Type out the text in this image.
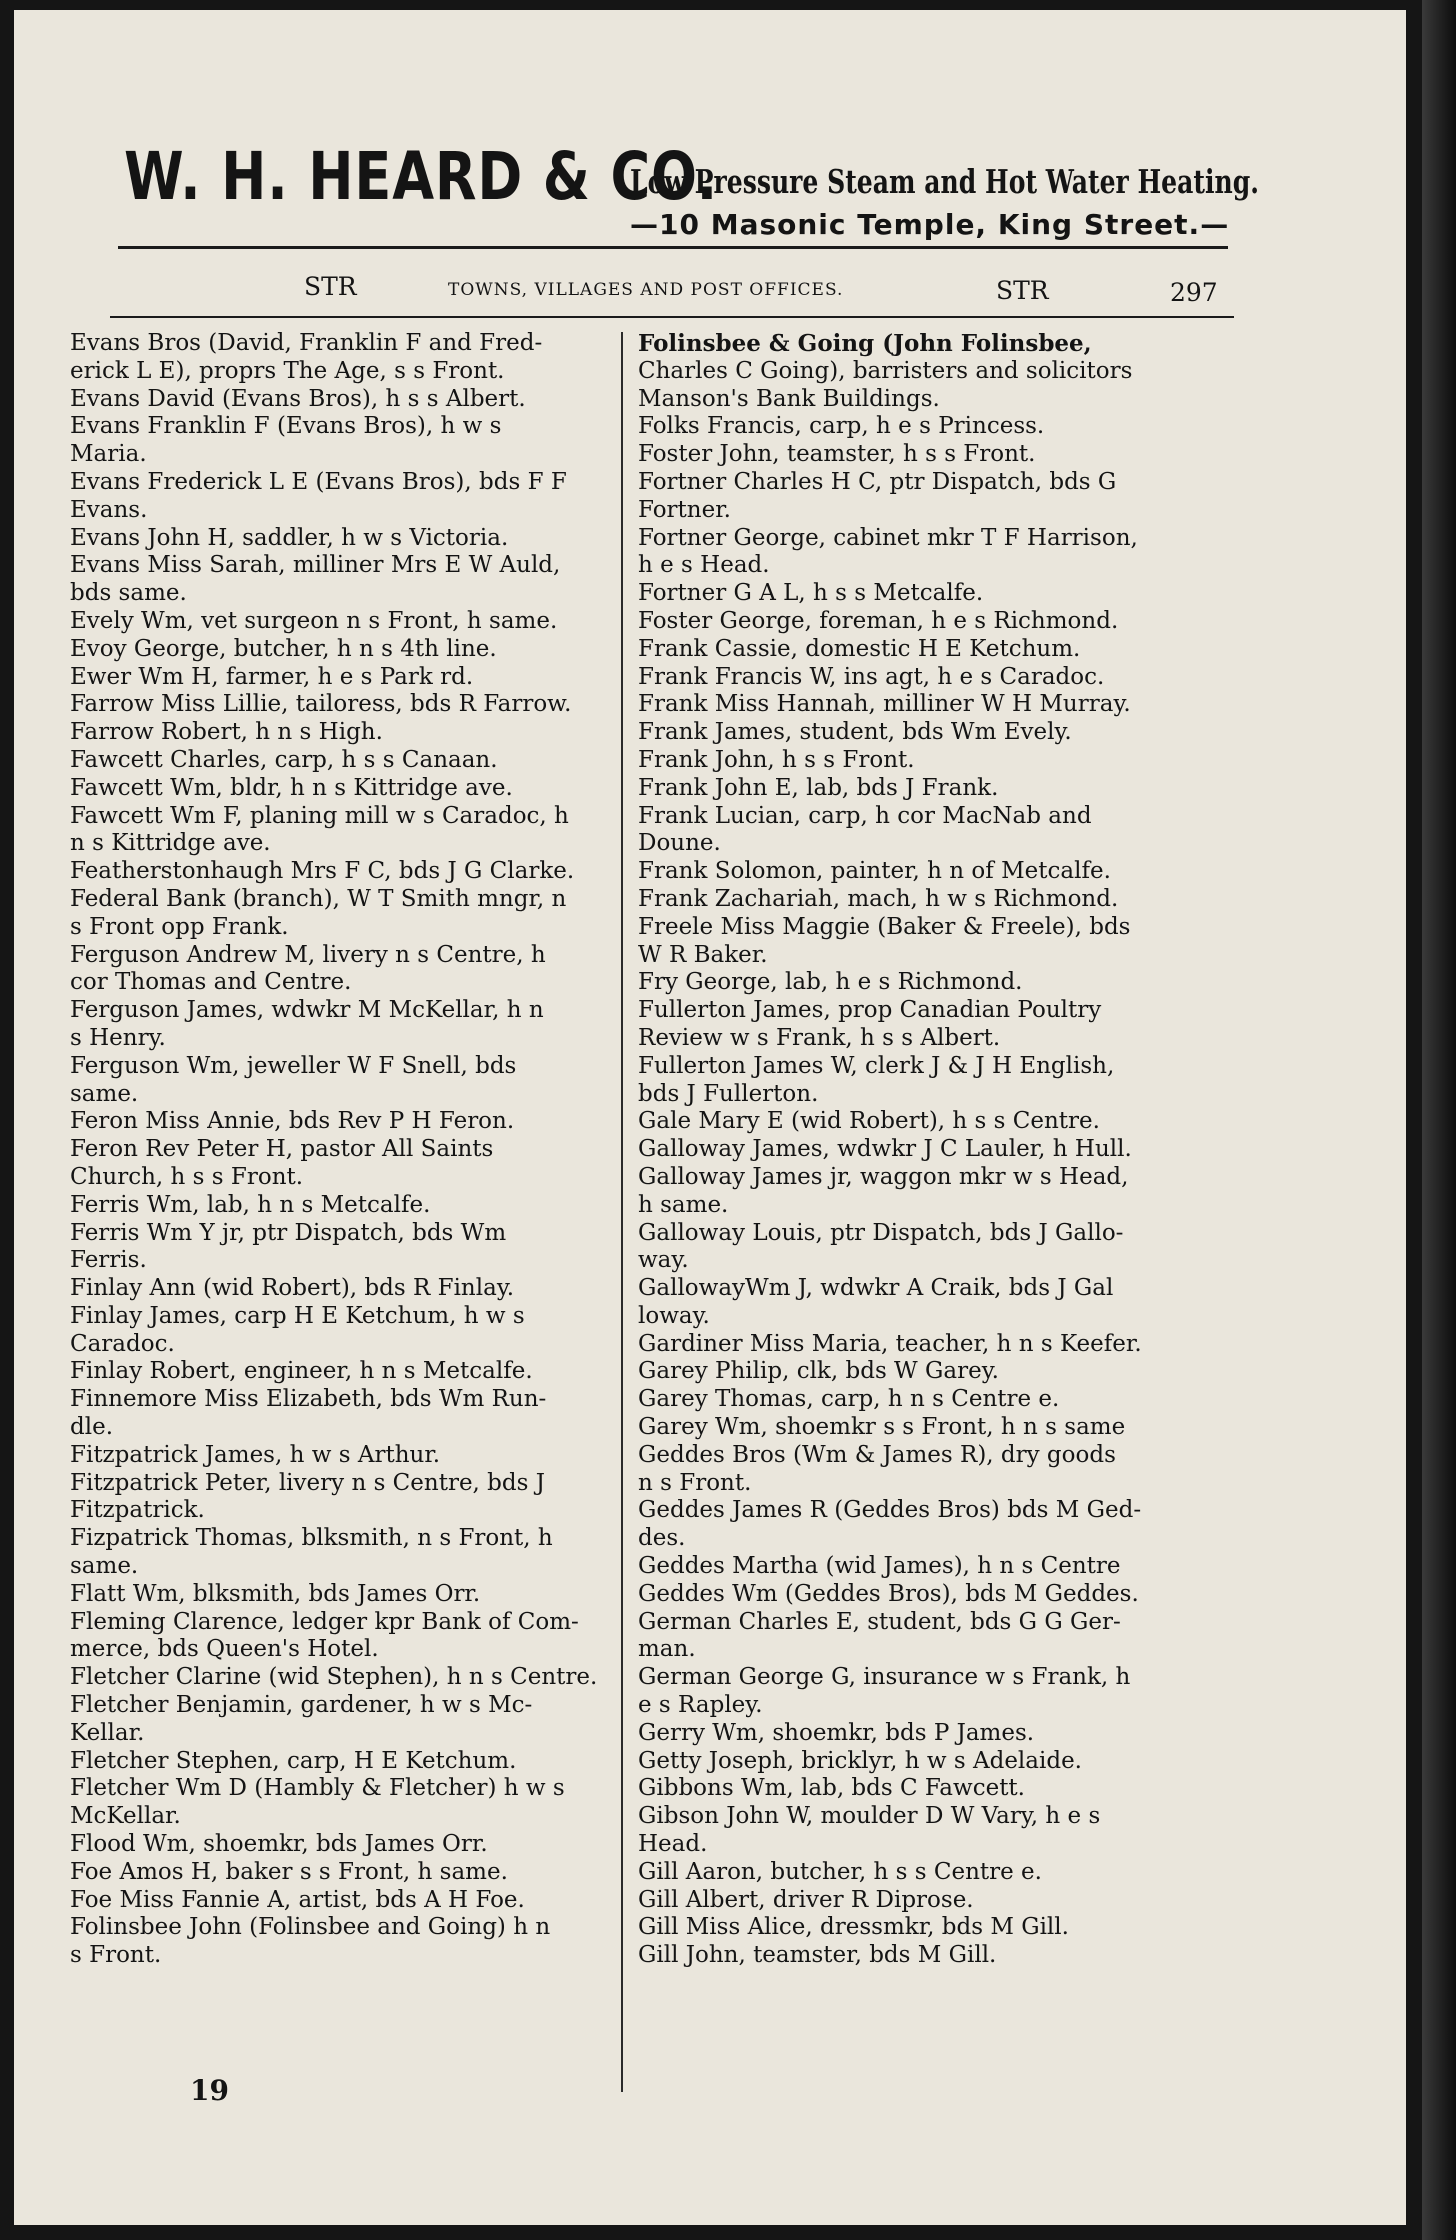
W. H. HEARD & CO.
Low Pressure Steam and Hot Water Heating.
—10 Masonic Temple, King Street.—
STR	TOWNS, VILLAGES AND POST OFFICES.	STR	297
Evans Bros (David, Franklin F and Fred-
erick L E), proprs The Age, s s Front.
Evans David (Evans Bros), h s s Albert.
Evans Franklin F (Evans Bros), h w s
Maria.
Evans Frederick L E (Evans Bros), bds F F
Evans.
Evans John H, saddler, h w s Victoria.
Evans Miss Sarah, milliner Mrs E W Auld,
bds same.
Evely Wm, vet surgeon n s Front, h same.
Evoy George, butcher, h n s 4th line.
Ewer Wm H, farmer, h e s Park rd.
Farrow Miss Lillie, tailoress, bds R Farrow.
Farrow Robert, h n s High.
Fawcett Charles, carp, h s s Canaan.
Fawcett Wm, bldr, h n s Kittridge ave.
Fawcett Wm F, planing mill w s Caradoc, h
n s Kittridge ave.
Featherstonhaugh Mrs F C, bds J G Clarke.
Federal Bank (branch), W T Smith mngr, n
s Front opp Frank.
Ferguson Andrew M, livery n s Centre, h
cor Thomas and Centre.
Ferguson James, wdwkr M McKellar, h n
s Henry.
Ferguson Wm, jeweller W F Snell, bds
same.
Feron Miss Annie, bds Rev P H Feron.
Feron Rev Peter H, pastor All Saints
Church, h s s Front.
Ferris Wm, lab, h n s Metcalfe.
Ferris Wm Y jr, ptr Dispatch, bds Wm
Ferris.
Finlay Ann (wid Robert), bds R Finlay.
Finlay James, carp H E Ketchum, h w s
Caradoc.
Finlay Robert, engineer, h n s Metcalfe.
Finnemore Miss Elizabeth, bds Wm Run-
dle.
Fitzpatrick James, h w s Arthur.
Fitzpatrick Peter, livery n s Centre, bds J
Fitzpatrick.
Fizpatrick Thomas, blksmith, n s Front, h
same.
Flatt Wm, blksmith, bds James Orr.
Fleming Clarence, ledger kpr Bank of Com-
merce, bds Queen's Hotel.
Fletcher Clarine (wid Stephen), h n s Centre.
Fletcher Benjamin, gardener, h w s Mc-
Kellar.
Fletcher Stephen, carp, H E Ketchum.
Fletcher Wm D (Hambly & Fletcher) h w s
McKellar.
Flood Wm, shoemkr, bds James Orr.
Foe Amos H, baker s s Front, h same.
Foe Miss Fannie A, artist, bds A H Foe.
Folinsbee John (Folinsbee and Going) h n
s Front.
Folinsbee & Going (John Folinsbee,
Charles C Going), barristers and solicitors
Manson's Bank Buildings.
Folks Francis, carp, h e s Princess.
Foster John, teamster, h s s Front.
Fortner Charles H C, ptr Dispatch, bds G
Fortner.
Fortner George, cabinet mkr T F Harrison,
h e s Head.
Fortner G A L, h s s Metcalfe.
Foster George, foreman, h e s Richmond.
Frank Cassie, domestic H E Ketchum.
Frank Francis W, ins agt, h e s Caradoc.
Frank Miss Hannah, milliner W H Murray.
Frank James, student, bds Wm Evely.
Frank John, h s s Front.
Frank John E, lab, bds J Frank.
Frank Lucian, carp, h cor MacNab and
Doune.
Frank Solomon, painter, h n of Metcalfe.
Frank Zachariah, mach, h w s Richmond.
Freele Miss Maggie (Baker & Freele), bds
W R Baker.
Fry George, lab, h e s Richmond.
Fullerton James, prop Canadian Poultry
Review w s Frank, h s s Albert.
Fullerton James W, clerk J & J H English,
bds J Fullerton.
Gale Mary E (wid Robert), h s s Centre.
Galloway James, wdwkr J C Lauler, h Hull.
Galloway James jr, waggon mkr w s Head,
h same.
Galloway Louis, ptr Dispatch, bds J Gallo-
way.
GallowayWm J, wdwkr A Craik, bds J Gal
loway.
Gardiner Miss Maria, teacher, h n s Keefer.
Garey Philip, clk, bds W Garey.
Garey Thomas, carp, h n s Centre e.
Garey Wm, shoemkr s s Front, h n s same
Geddes Bros (Wm & James R), dry goods
n s Front.
Geddes James R (Geddes Bros) bds M Ged-
des.
Geddes Martha (wid James), h n s Centre
Geddes Wm (Geddes Bros), bds M Geddes.
German Charles E, student, bds G G Ger-
man.
German George G, insurance w s Frank, h
e s Rapley.
Gerry Wm, shoemkr, bds P James.
Getty Joseph, bricklyr, h w s Adelaide.
Gibbons Wm, lab, bds C Fawcett.
Gibson John W, moulder D W Vary, h e s
Head.
Gill Aaron, butcher, h s s Centre e.
Gill Albert, driver R Diprose.
Gill Miss Alice, dressmkr, bds M Gill.
Gill John, teamster, bds M Gill.
19
